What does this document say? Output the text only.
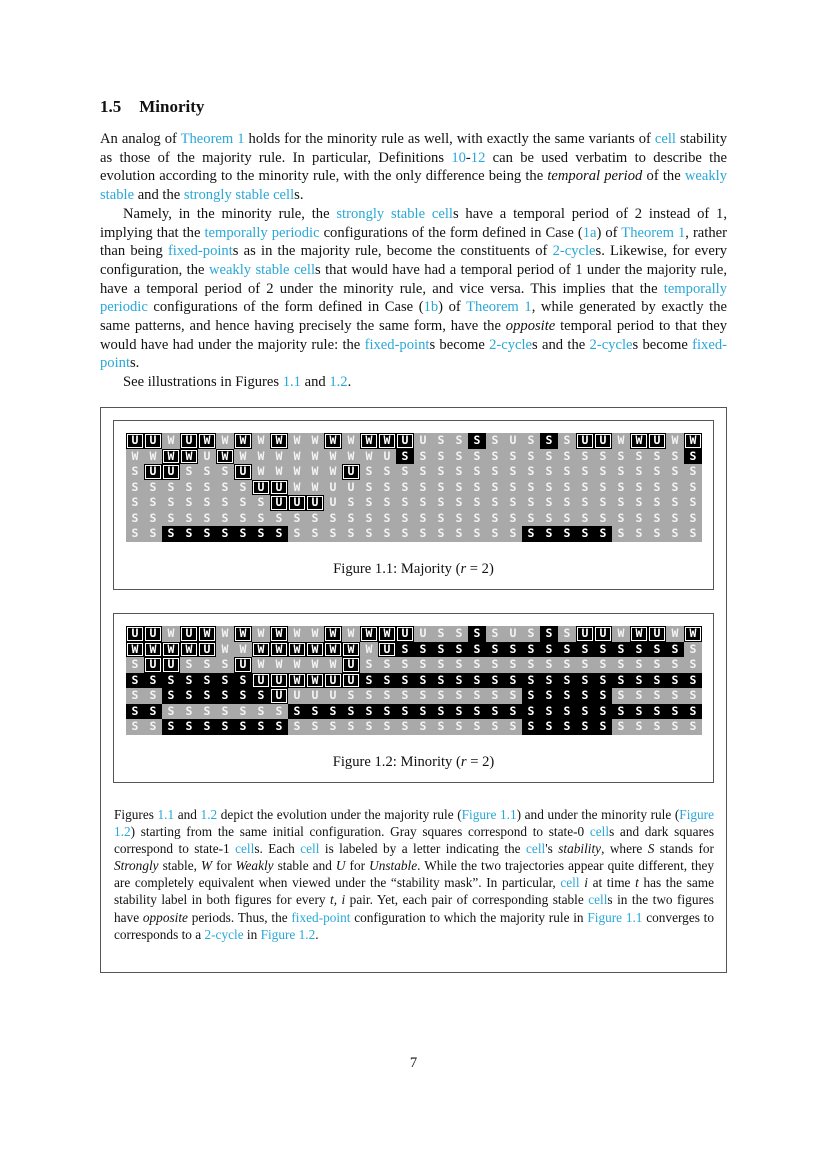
1.5 Minority

An analog of Theorem 1 holds for the minority rule as well, with exactly the same variants of cell stability as those of the majority rule. In particular, Definitions 10-12 can be used verbatim to describe the evolution according to the minority rule, with the only difference being the temporal period of the weakly stable and the strongly stable cells.

Namely, in the minority rule, the strongly stable cells have a temporal period of 2 instead of 1, implying that the temporally periodic configurations of the form defined in Case (1a) of Theorem 1, rather than being fixed-points as in the majority rule, become the constituents of 2-cycles. Likewise, for every configuration, the weakly stable cells that would have had a temporal period of 1 under the majority rule, have a temporal period of 2 under the minority rule, and vice versa. This implies that the temporally periodic configurations of the form defined in Case (1b) of Theorem 1, while generated by exactly the same patterns, and hence having precisely the same form, have the opposite temporal period to that they would have had under the majority rule: the fixed-points become 2-cycles and the 2-cycles become fixed-points.

See illustrations in Figures 1.1 and 1.2.

U U W U W W W W W W W W W W W U U S S S S U S S S U U W W U W W
W W W W U W W W W W W W W W U S S S S S S S S S S S S S S S S S
S U U S S S U W W W W W U S S S S S S S S S S S S S S S S S S S
S S S S S S S U U W W U U S S S S S S S S S S S S S S S S S S S
S S S S S S S S U U U U S S S S S S S S S S S S S S S S S S S S
S S S S S S S S S S S S S S S S S S S S S S S S S S S S S S S S
S S S S S S S S S S S S S S S S S S S S S S S S S S S S S S S S
Figure 1.1: Majority (r = 2)
U U W U W W W W W W W W W W W U U S S S S U S S S U U W W U W W
W W W W U W W W W W W W W W U S S S S S S S S S S S S S S S S S
S U U S S S U W W W W W U S S S S S S S S S S S S S S S S S S S
S S S S S S S U U W W U U S S S S S S S S S S S S S S S S S S S
S S S S S S S S U U U U S S S S S S S S S S S S S S S S S S S S
S S S S S S S S S S S S S S S S S S S S S S S S S S S S S S S S
S S S S S S S S S S S S S S S S S S S S S S S S S S S S S S S S
Figure 1.2: Minority (r = 2)
Figures 1.1 and 1.2 depict the evolution under the majority rule (Figure 1.1) and under the minority rule (Figure 1.2) starting from the same initial configuration. Gray squares correspond to state-0 cells and dark squares correspond to state-1 cells. Each cell is labeled by a letter indicating the cell's stability, where S stands for Strongly stable, W for Weakly stable and U for Unstable. While the two trajectories appear quite different, they are completely equivalent when viewed under the “stability mask”. In particular, cell i at time t has the same stability label in both figures for every t, i pair. Yet, each pair of corresponding stable cells in the two figures have opposite periods. Thus, the fixed-point configuration to which the majority rule in Figure 1.1 converges to corresponds to a 2-cycle in Figure 1.2.
7
